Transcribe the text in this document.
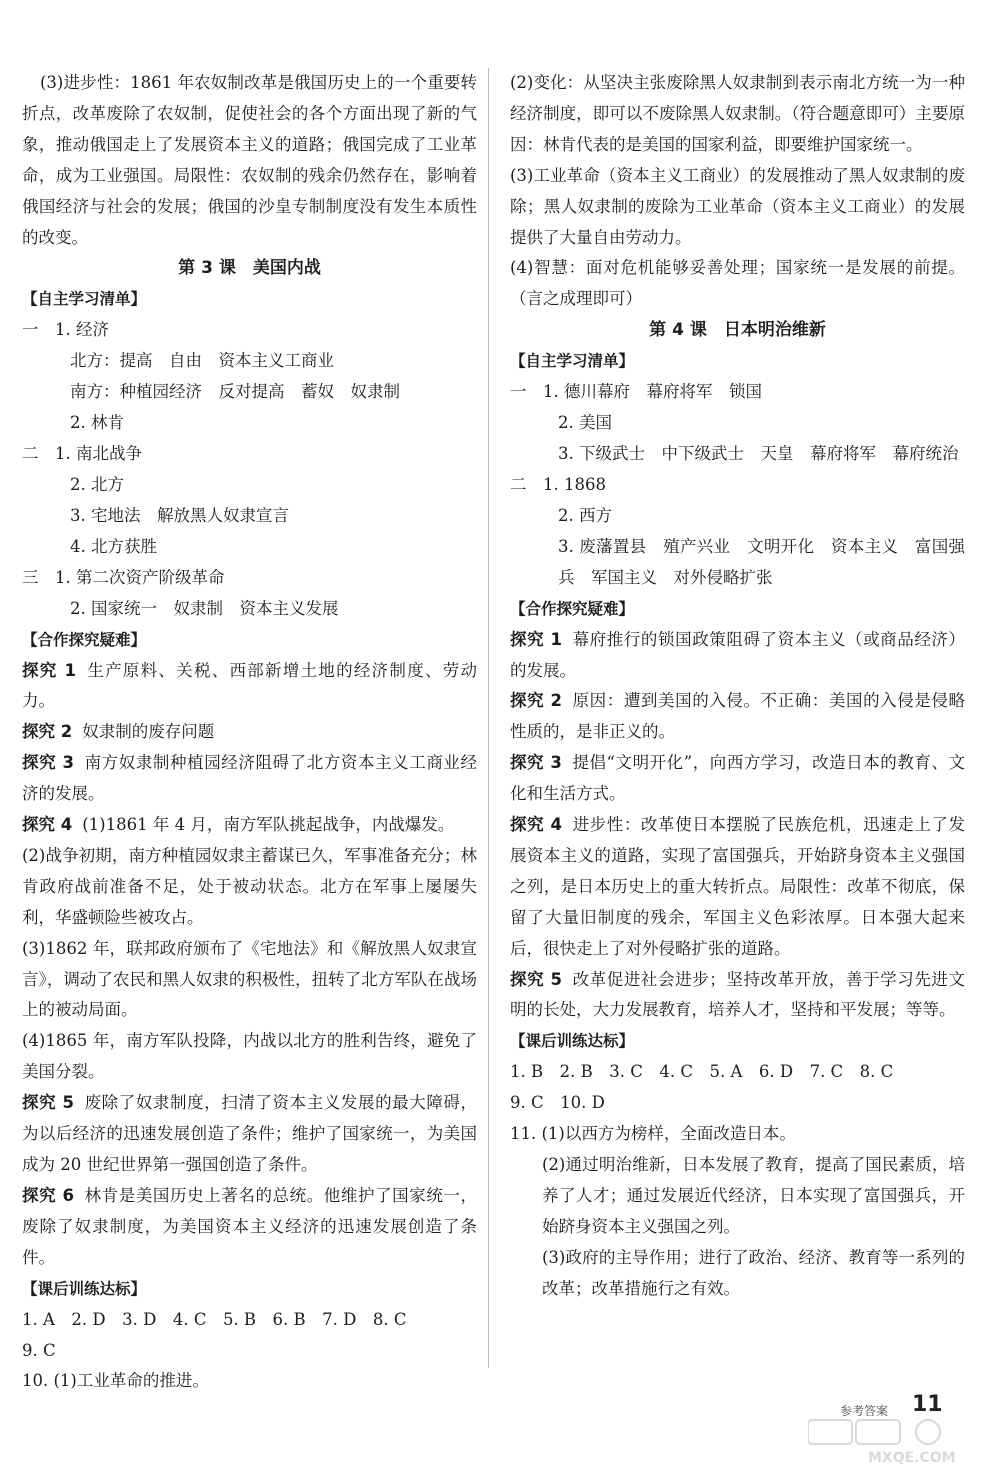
(3)进步性：1861 年农奴制改革是俄国历史上的一个重要转折点，改革废除了农奴制，促使社会的各个方面出现了新的气象，推动俄国走上了发展资本主义的道路；俄国完成了工业革命，成为工业强国。局限性：农奴制的残余仍然存在，影响着俄国经济与社会的发展；俄国的沙皇专制制度没有发生本质性的改变。

第 3 课　美国内战

【自主学习清单】

一　1. 经济

北方：提高　自由　资本主义工商业

南方：种植园经济　反对提高　蓄奴　奴隶制

2. 林肯

二　1. 南北战争

2. 北方

3. 宅地法　解放黑人奴隶宣言

4. 北方获胜

三　1. 第二次资产阶级革命

2. 国家统一　奴隶制　资本主义发展

【合作探究疑难】

探究 1 生产原料、关税、西部新增土地的经济制度、劳动力。

探究 2 奴隶制的废存问题

探究 3 南方奴隶制种植园经济阻碍了北方资本主义工商业经济的发展。

探究 4 (1)1861 年 4 月，南方军队挑起战争，内战爆发。

(2)战争初期，南方种植园奴隶主蓄谋已久，军事准备充分；林肯政府战前准备不足，处于被动状态。北方在军事上屡屡失利，华盛顿险些被攻占。

(3)1862 年，联邦政府颁布了《宅地法》和《解放黑人奴隶宣言》，调动了农民和黑人奴隶的积极性，扭转了北方军队在战场上的被动局面。

(4)1865 年，南方军队投降，内战以北方的胜利告终，避免了美国分裂。

探究 5 废除了奴隶制度，扫清了资本主义发展的最大障碍，为以后经济的迅速发展创造了条件；维护了国家统一，为美国成为 20 世纪世界第一强国创造了条件。

探究 6 林肯是美国历史上著名的总统。他维护了国家统一，废除了奴隶制度，为美国资本主义经济的迅速发展创造了条件。

【课后训练达标】

1. A　2. D　3. D　4. C　5. B　6. B　7. D　8. C

9. C

10. (1)工业革命的推进。

(2)变化：从坚决主张废除黑人奴隶制到表示南北方统一为一种经济制度，即可以不废除黑人奴隶制。（符合题意即可）主要原因：林肯代表的是美国的国家利益，即要维护国家统一。

(3)工业革命（资本主义工商业）的发展推动了黑人奴隶制的废除；黑人奴隶制的废除为工业革命（资本主义工商业）的发展提供了大量自由劳动力。

(4)智慧：面对危机能够妥善处理；国家统一是发展的前提。（言之成理即可）

第 4 课　日本明治维新

【自主学习清单】

一　1. 德川幕府　幕府将军　锁国

2. 美国

3. 下级武士　中下级武士　天皇　幕府将军　幕府统治

二　1. 1868

2. 西方

3. 废藩置县　殖产兴业　文明开化　资本主义　富国强兵　军国主义　对外侵略扩张

【合作探究疑难】

探究 1 幕府推行的锁国政策阻碍了资本主义（或商品经济）的发展。

探究 2 原因：遭到美国的入侵。不正确：美国的入侵是侵略性质的，是非正义的。

探究 3 提倡“文明开化”，向西方学习，改造日本的教育、文化和生活方式。

探究 4 进步性：改革使日本摆脱了民族危机，迅速走上了发展资本主义的道路，实现了富国强兵，开始跻身资本主义强国之列，是日本历史上的重大转折点。局限性：改革不彻底，保留了大量旧制度的残余，军国主义色彩浓厚。日本强大起来后，很快走上了对外侵略扩张的道路。

探究 5 改革促进社会进步；坚持改革开放，善于学习先进文明的长处，大力发展教育，培养人才，坚持和平发展；等等。

【课后训练达标】

1. B　2. B　3. C　4. C　5. A　6. D　7. C　8. C

9. C　10. D

11. (1)以西方为榜样，全面改造日本。

(2)通过明治维新，日本发展了教育，提高了国民素质，培养了人才；通过发展近代经济，日本实现了富国强兵，开始跻身资本主义强国之列。

(3)政府的主导作用；进行了政治、经济、教育等一系列的改革；改革措施行之有效。

参考答案 11
MXQE.COM
